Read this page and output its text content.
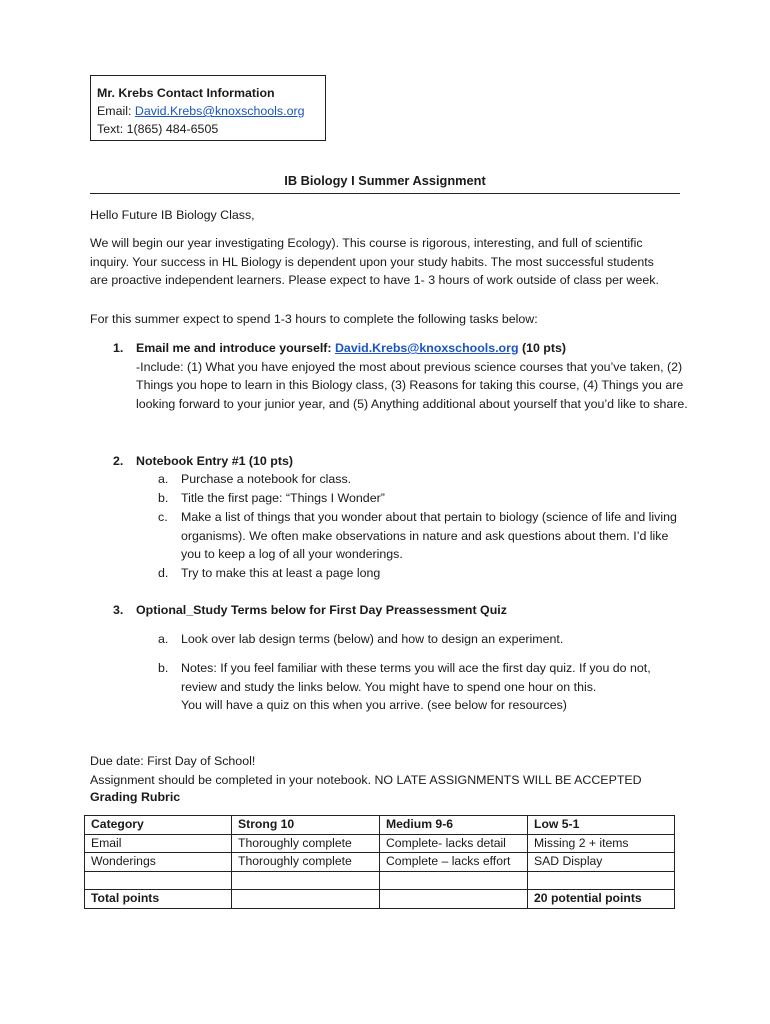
Mr. Krebs Contact Information
Email: David.Krebs@knoxschools.org
Text: 1(865) 484-6505
IB Biology I Summer Assignment
Hello Future IB Biology Class,
We will begin our year investigating Ecology). This course is rigorous, interesting, and full of scientific inquiry. Your success in HL Biology is dependent upon your study habits. The most successful students are proactive independent learners. Please expect to have 1- 3 hours of work outside of class per week.
For this summer expect to spend 1-3 hours to complete the following tasks below:
1. Email me and introduce yourself: David.Krebs@knoxschools.org (10 pts)
-Include: (1) What you have enjoyed the most about previous science courses that you’ve taken, (2) Things you hope to learn in this Biology class, (3) Reasons for taking this course, (4) Things you are looking forward to your junior year, and (5) Anything additional about yourself that you’d like to share.
2. Notebook Entry #1 (10 pts)
a. Purchase a notebook for class.
b. Title the first page: “Things I Wonder”
c. Make a list of things that you wonder about that pertain to biology (science of life and living organisms). We often make observations in nature and ask questions about them. I’d like you to keep a log of all your wonderings.
d. Try to make this at least a page long
3. Optional_Study Terms below for First Day Preassessment Quiz
a. Look over lab design terms (below) and how to design an experiment.
b. Notes: If you feel familiar with these terms you will ace the first day quiz. If you do not, review and study the links below. You might have to spend one hour on this.
You will have a quiz on this when you arrive. (see below for resources)
Due date: First Day of School!
Assignment should be completed in your notebook. NO LATE ASSIGNMENTS WILL BE ACCEPTED
Grading Rubric
Category	Strong 10	Medium 9-6	Low 5-1
Email	Thoroughly complete	Complete- lacks detail	Missing 2 + items
Wonderings	Thoroughly complete	Complete – lacks effort	SAD Display

Total points			20 potential points
